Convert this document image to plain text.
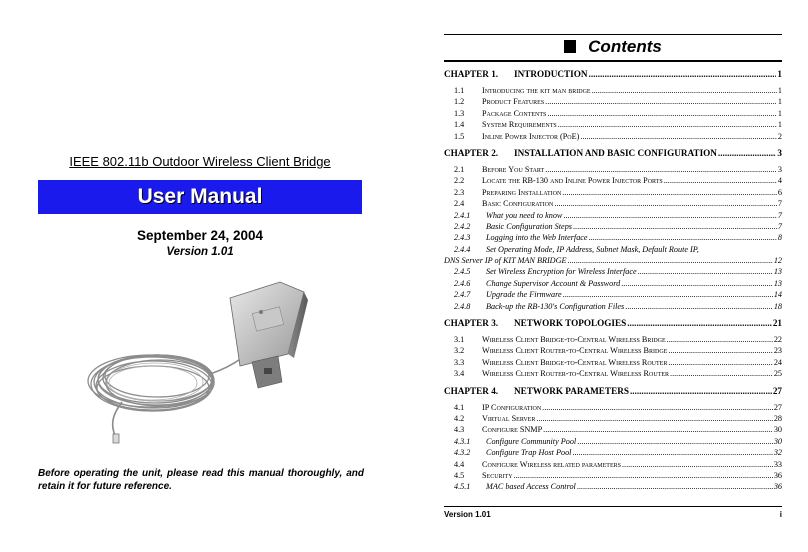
IEEE 802.11b Outdoor Wireless Client Bridge
User Manual
September 24, 2004
Version 1.01
Before operating the unit, please read this manual thoroughly, and retain it for future reference.
Contents
CHAPTER 1.	INTRODUCTION .....	1
1.1	Introducing the kit man bridge .....	1
1.2	Product Features .....	1
1.3	Package Contents .....	1
1.4	System Requirements .....	1
1.5	Inline Power Injector (PoE) .....	2
CHAPTER 2.	INSTALLATION AND BASIC CONFIGURATION .....	3
2.1	Before You Start .....	3
2.2	Locate the RB-130 and Inline Power Injector Ports .....	4
2.3	Preparing Installation .....	6
2.4	Basic Configuration .....	7
2.4.1	What you need to know .....	7
2.4.2	Basic Configuration Steps .....	7
2.4.3	Logging into the Web Interface .....	8
2.4.4	Set Operating Mode, IP Address, Subnet Mask, Default Route IP,
DNS Server IP of KIT MAN BRIDGE .....	12
2.4.5	Set Wireless Encryption for Wireless Interface .....	13
2.4.6	Change Supervisor Account & Password .....	13
2.4.7	Upgrade the Firmware .....	14
2.4.8	Back-up the RB-130's Configuration Files .....	18
CHAPTER 3.	NETWORK TOPOLOGIES .....	21
3.1	Wireless Client Bridge-to-Central Wireless Bridge .....	22
3.2	Wireless Client Router-to-Central Wireless Bridge .....	23
3.3	Wireless Client Bridge-to-Central Wireless Router .....	24
3.4	Wireless Client Router-to-Central Wireless Router .....	25
CHAPTER 4.	NETWORK PARAMETERS .....	27
4.1	IP Configuration .....	27
4.2	Virtual Server .....	28
4.3	Configure SNMP .....	30
4.3.1	Configure Community Pool .....	30
4.3.2	Configure Trap Host Pool .....	32
4.4	Configure Wireless related parameters .....	33
4.5	Security .....	36
4.5.1	MAC based Access Control .....	36
Version 1.01	i
